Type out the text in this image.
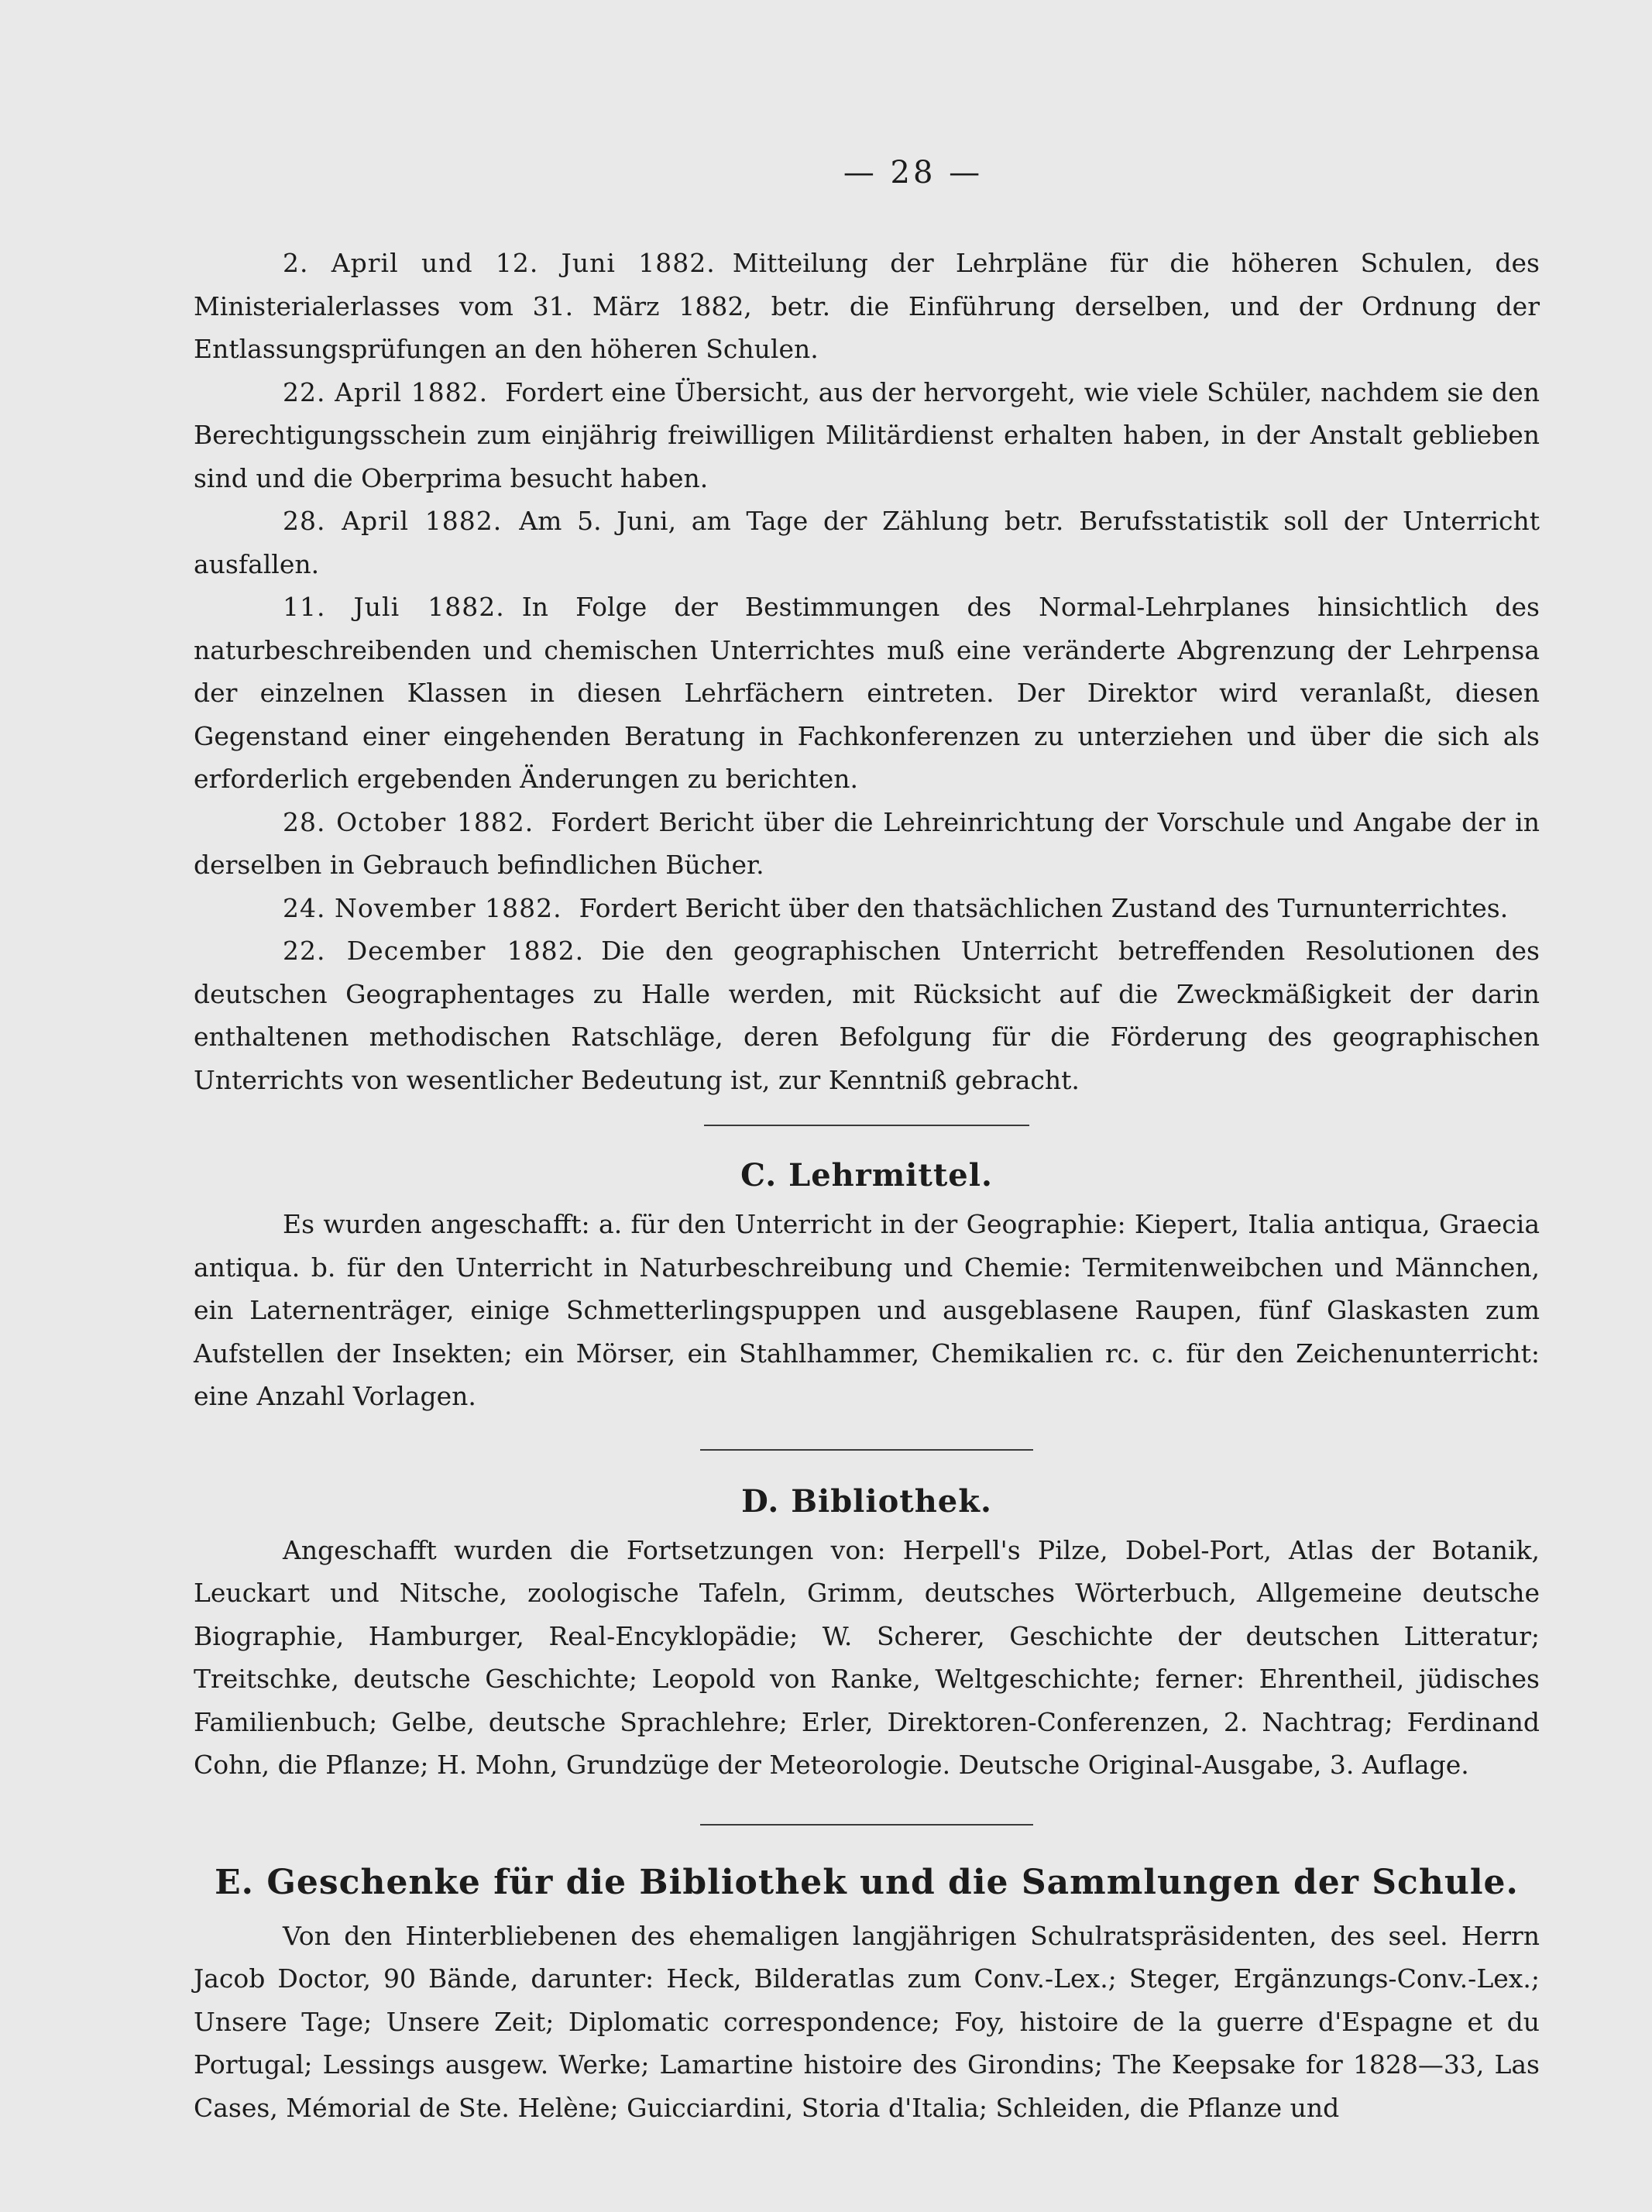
— 28 —

2. April und 12. Juni 1882. Mitteilung der Lehrpläne für die höheren Schulen, des Ministerialerlasses vom 31. März 1882, betr. die Einführung derselben, und der Ordnung der Entlassungsprüfungen an den höheren Schulen.

22. April 1882. Fordert eine Übersicht, aus der hervorgeht, wie viele Schüler, nachdem sie den Berechtigungsschein zum einjährig freiwilligen Militärdienst erhalten haben, in der Anstalt geblieben sind und die Oberprima besucht haben.

28. April 1882. Am 5. Juni, am Tage der Zählung betr. Berufsstatistik soll der Unterricht ausfallen.

11. Juli 1882. In Folge der Bestimmungen des Normal-Lehrplanes hinsichtlich des naturbeschreibenden und chemischen Unterrichtes muß eine veränderte Abgrenzung der Lehrpensa der einzelnen Klassen in diesen Lehrfächern eintreten. Der Direktor wird veranlaßt, diesen Gegenstand einer eingehenden Beratung in Fachkonferenzen zu unterziehen und über die sich als erforderlich ergebenden Änderungen zu berichten.

28. October 1882. Fordert Bericht über die Lehreinrichtung der Vorschule und Angabe der in derselben in Gebrauch befindlichen Bücher.

24. November 1882. Fordert Bericht über den thatsächlichen Zustand des Turnunterrichtes.

22. December 1882. Die den geographischen Unterricht betreffenden Resolutionen des deutschen Geographentages zu Halle werden, mit Rücksicht auf die Zweckmäßigkeit der darin enthaltenen methodischen Ratschläge, deren Befolgung für die Förderung des geographischen Unterrichts von wesentlicher Bedeutung ist, zur Kenntniß gebracht.

C. Lehrmittel.

Es wurden angeschafft: a. für den Unterricht in der Geographie: Kiepert, Italia antiqua, Graecia antiqua. b. für den Unterricht in Naturbeschreibung und Chemie: Termitenweibchen und Männchen, ein Laternenträger, einige Schmetterlingspuppen und ausgeblasene Raupen, fünf Glaskasten zum Aufstellen der Insekten; ein Mörser, ein Stahlhammer, Chemikalien rc. c. für den Zeichenunterricht: eine Anzahl Vorlagen.

D. Bibliothek.

Angeschafft wurden die Fortsetzungen von: Herpell's Pilze, Dobel-Port, Atlas der Botanik, Leuckart und Nitsche, zoologische Tafeln, Grimm, deutsches Wörterbuch, Allgemeine deutsche Biographie, Hamburger, Real-Encyklopädie; W. Scherer, Geschichte der deutschen Litteratur; Treitschke, deutsche Geschichte; Leopold von Ranke, Weltgeschichte; ferner: Ehrentheil, jüdisches Familienbuch; Gelbe, deutsche Sprachlehre; Erler, Direktoren-Conferenzen, 2. Nachtrag; Ferdinand Cohn, die Pflanze; H. Mohn, Grundzüge der Meteorologie. Deutsche Original-Ausgabe, 3. Auflage.

E. Geschenke für die Bibliothek und die Sammlungen der Schule.

Von den Hinterbliebenen des ehemaligen langjährigen Schulratspräsidenten, des seel. Herrn Jacob Doctor, 90 Bände, darunter: Heck, Bilderatlas zum Conv.-Lex.; Steger, Ergänzungs-Conv.-Lex.; Unsere Tage; Unsere Zeit; Diplomatic correspondence; Foy, histoire de la guerre d'Espagne et du Portugal; Lessings ausgew. Werke; Lamartine histoire des Girondins; The Keepsake for 1828—33, Las Cases, Mémorial de Ste. Helène; Guicciardini, Storia d'Italia; Schleiden, die Pflanze und
